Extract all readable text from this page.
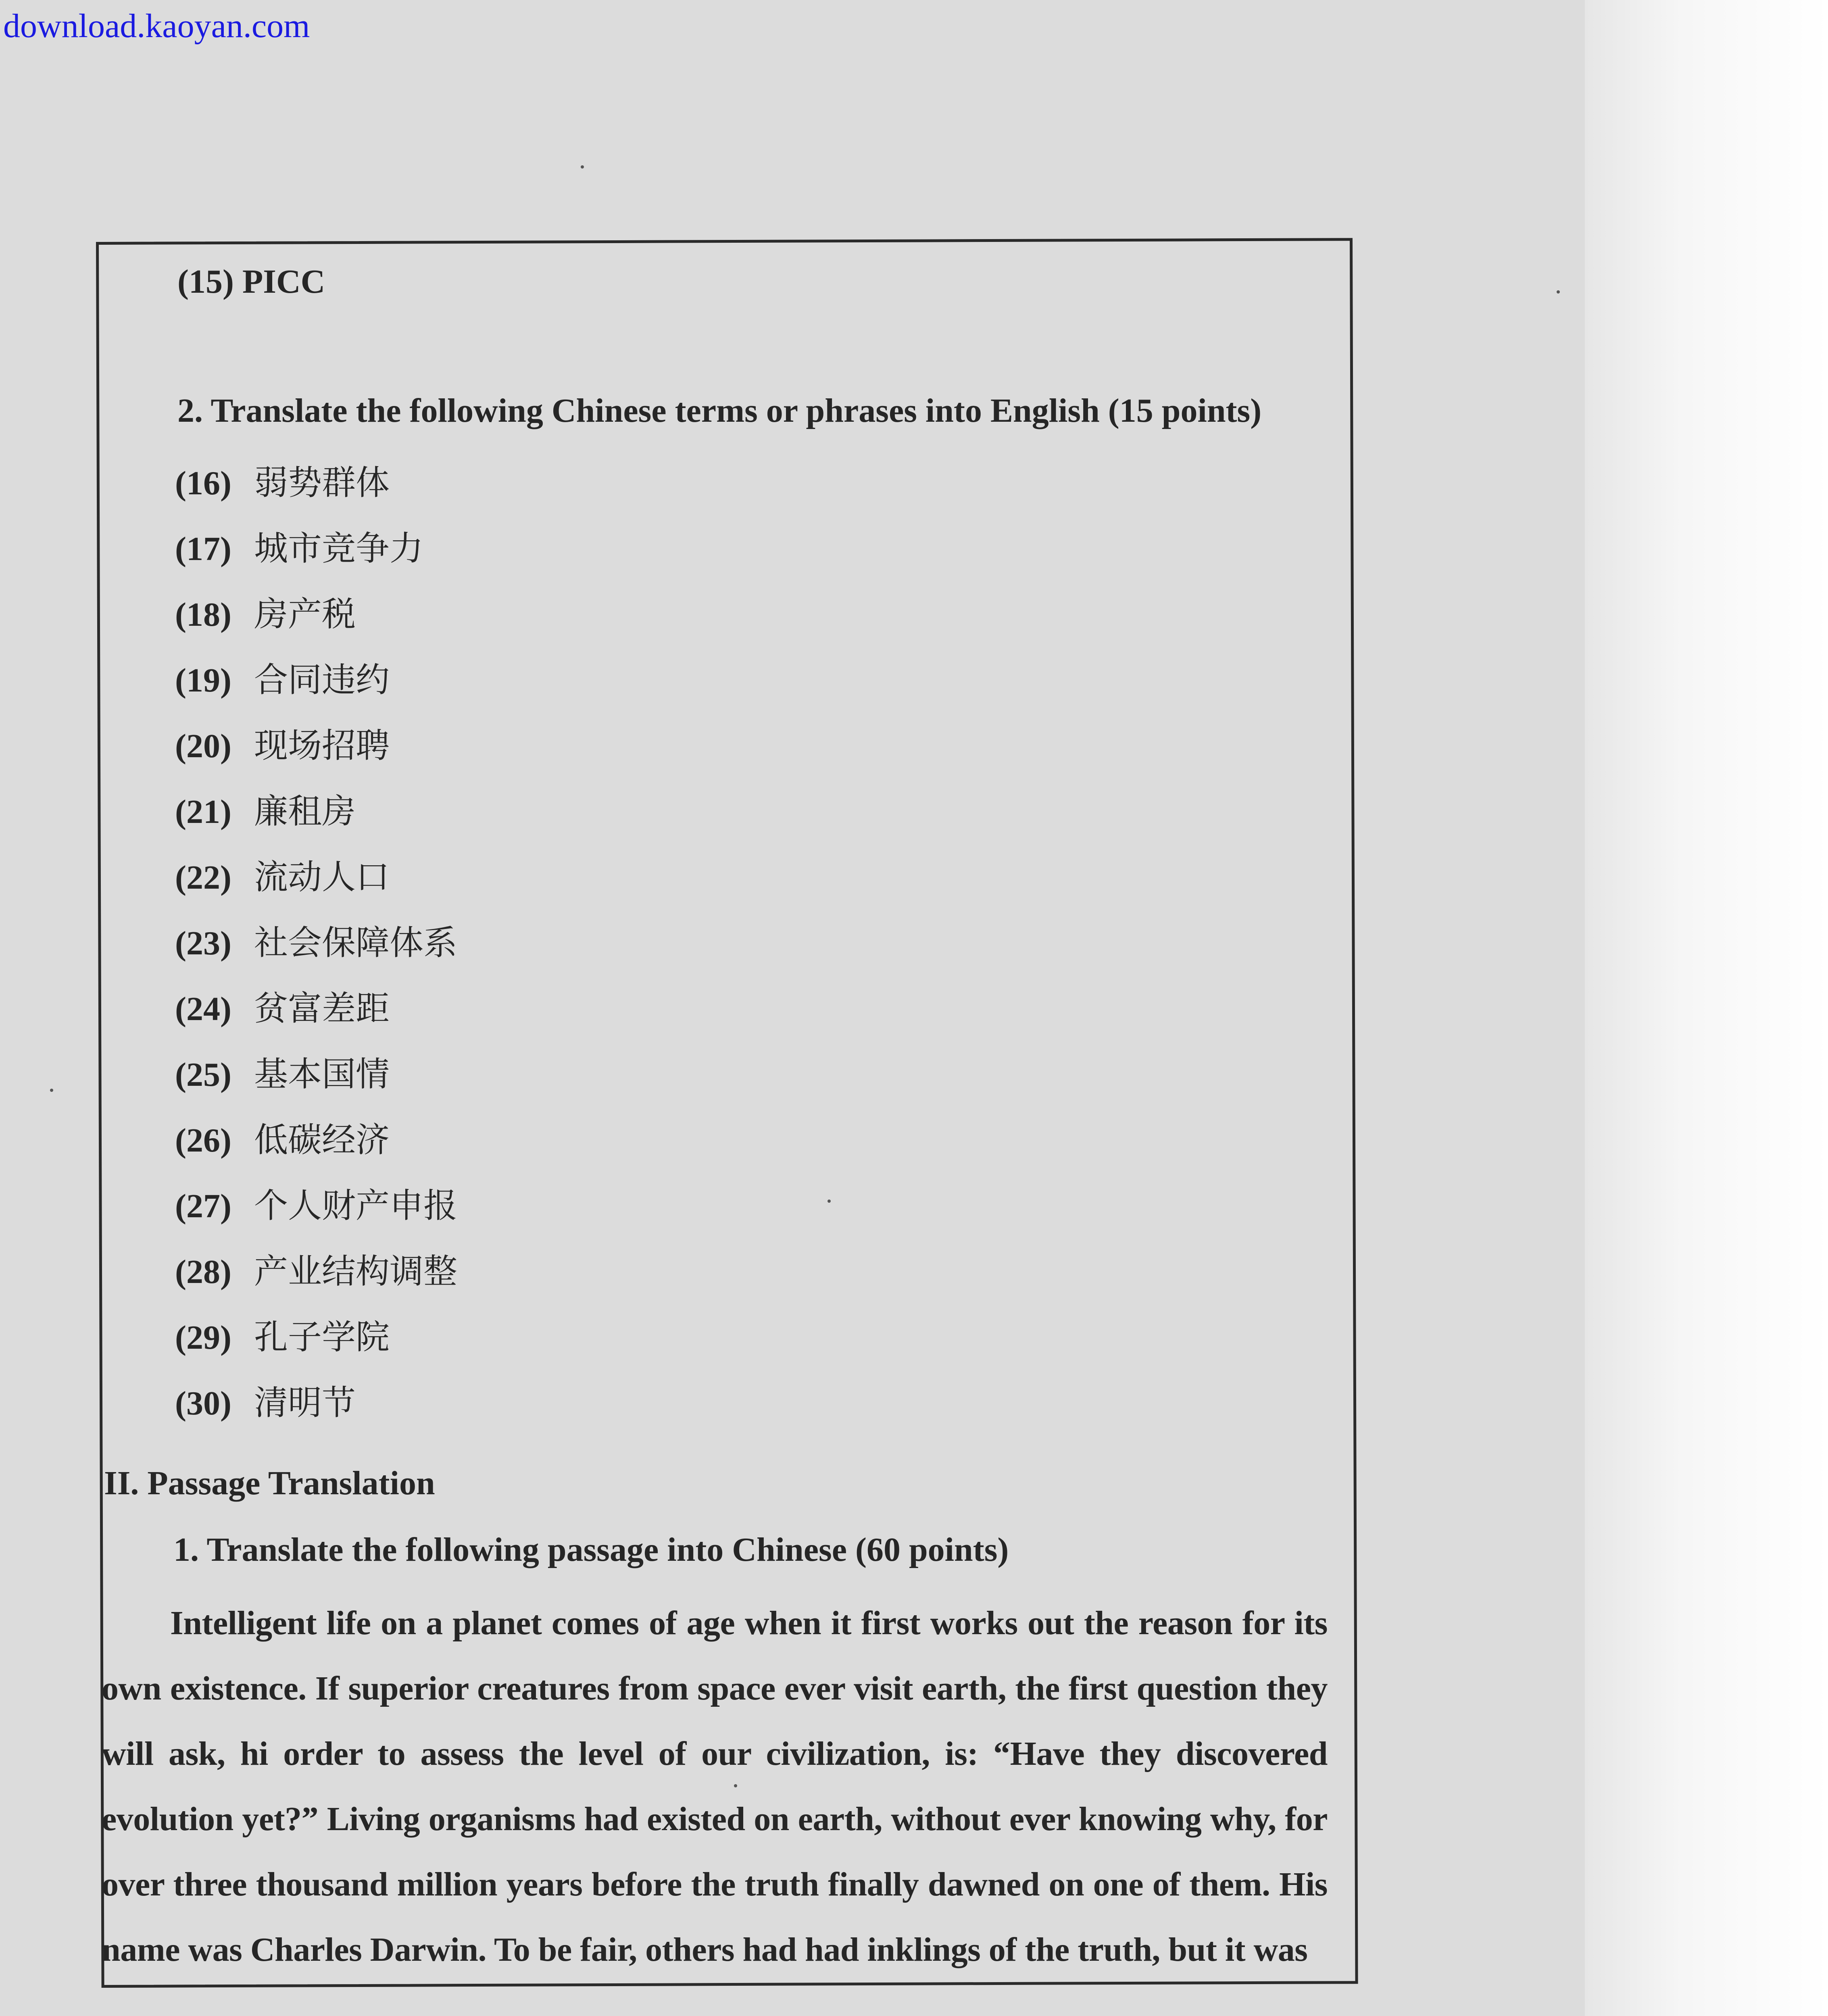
download.kaoyan.com
(15) PICC
2. Translate the following Chinese terms or phrases into English (15 points)
(16) 弱势群体
(17) 城市竞争力
(18) 房产税
(19) 合同违约
(20) 现场招聘
(21) 廉租房
(22) 流动人口
(23) 社会保障体系
(24) 贫富差距
(25) 基本国情
(26) 低碳经济
(27) 个人财产申报
(28) 产业结构调整
(29) 孔子学院
(30) 清明节
II. Passage Translation
1. Translate the following passage into Chinese (60 points)
Intelligent life on a planet comes of age when it first works out the reason for its own existence. If superior creatures from space ever visit earth, the first question they will ask, hi order to assess the level of our civilization, is: “Have they discovered evolution yet?” Living organisms had existed on earth, without ever knowing why, for over three thousand million years before the truth finally dawned on one of them. His name was Charles Darwin. To be fair, others had had inklings of the truth, but it was
